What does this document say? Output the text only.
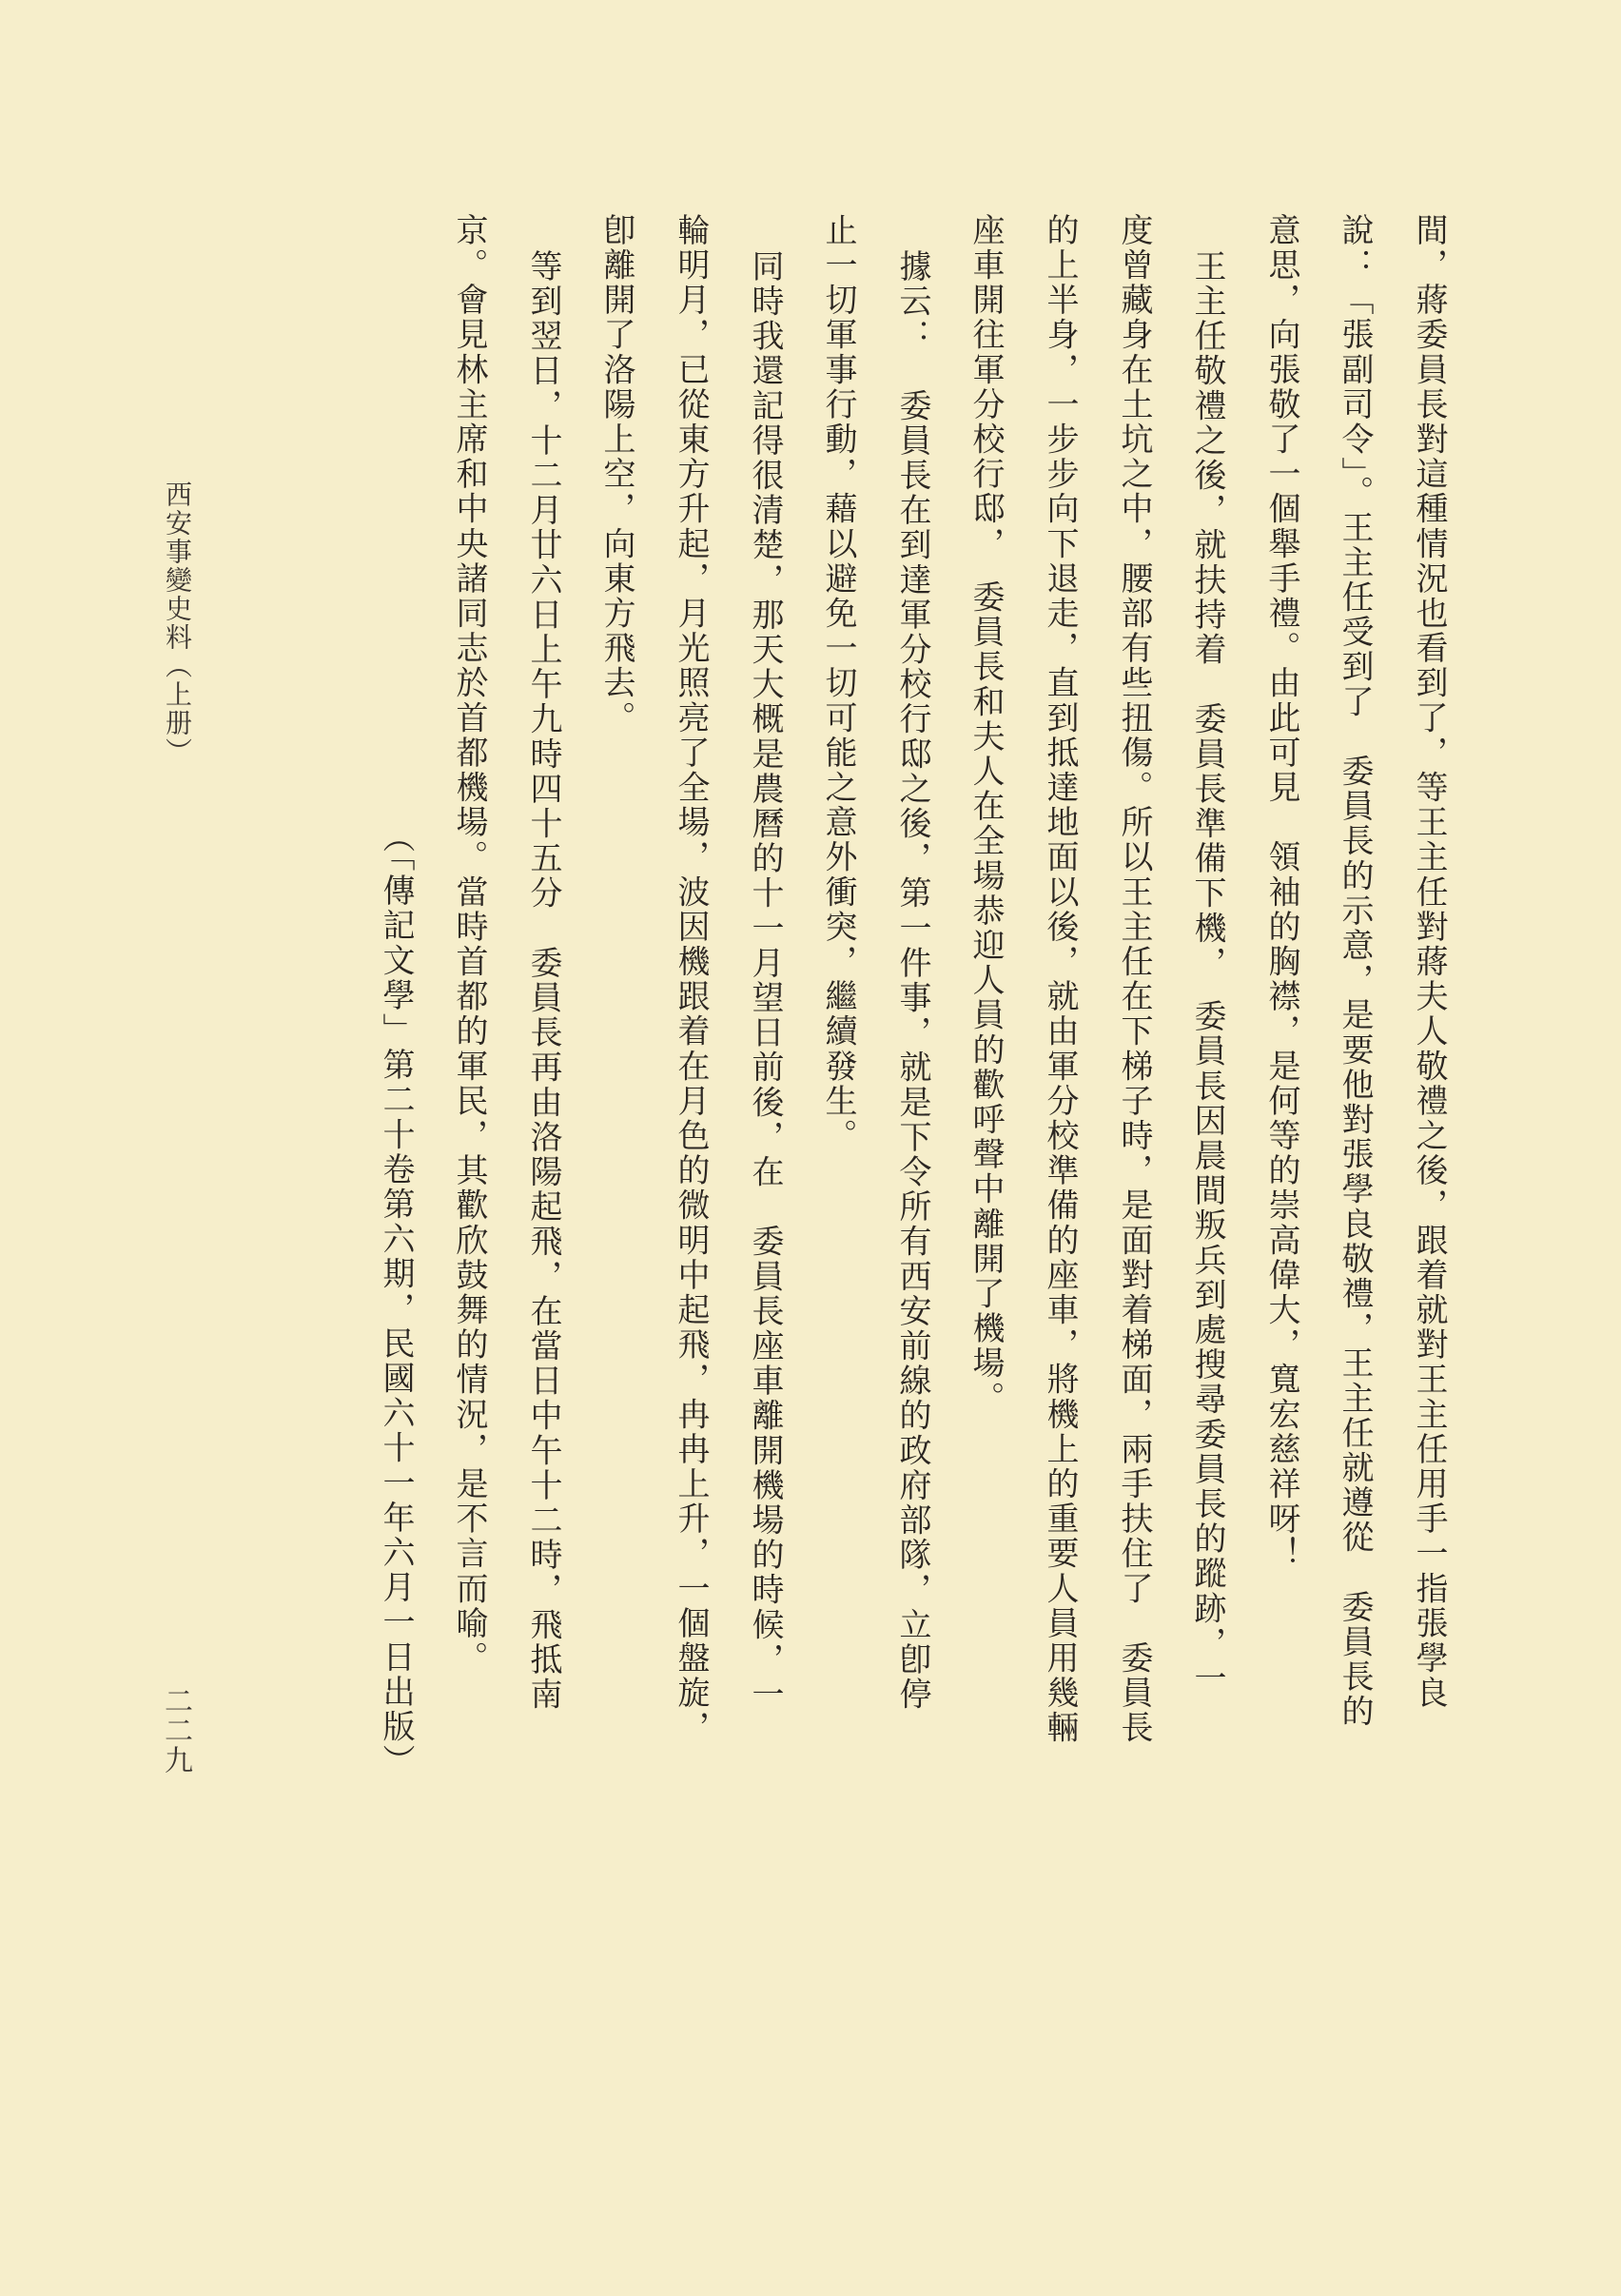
間，蔣委員長對這種情況也看到了，等王主任對蔣夫人敬禮之後，跟着就對王主任用手一指張學良
說：「張副司令」。王主任受到了　委員長的示意，是要他對張學良敬禮，王主任就遵從　委員長的
意思，向張敬了一個舉手禮。由此可見　領袖的胸襟，是何等的崇高偉大，寬宏慈祥呀！
王主任敬禮之後，就扶持着　委員長準備下機，　委員長因晨間叛兵到處搜尋委員長的蹤跡，一
度曾藏身在土坑之中，腰部有些扭傷。所以王主任在下梯子時，是面對着梯面，兩手扶住了　委員長
的上半身，一步步向下退走，直到抵達地面以後，就由軍分校準備的座車，將機上的重要人員用幾輛
座車開往軍分校行邸，　委員長和夫人在全場恭迎人員的歡呼聲中離開了機場。
據云：　委員長在到達軍分校行邸之後，第一件事，就是下令所有西安前線的政府部隊，立卽停
止一切軍事行動，藉以避免一切可能之意外衝突，繼續發生。
同時我還記得很清楚，那天大概是農曆的十一月望日前後，在　委員長座車離開機場的時候，一
輪明月，已從東方升起，月光照亮了全場，波因機跟着在月色的微明中起飛，冉冉上升，一個盤旋，
卽離開了洛陽上空，向東方飛去。
等到翌日，十二月廿六日上午九時四十五分　委員長再由洛陽起飛，在當日中午十二時，飛抵南
京。會見林主席和中央諸同志於首都機場。當時首都的軍民，其歡欣鼓舞的情況，是不言而喻。
（「傳記文學」第二十卷第六期，民國六十一年六月一日出版）
西安事變史料（上册）
二二九
